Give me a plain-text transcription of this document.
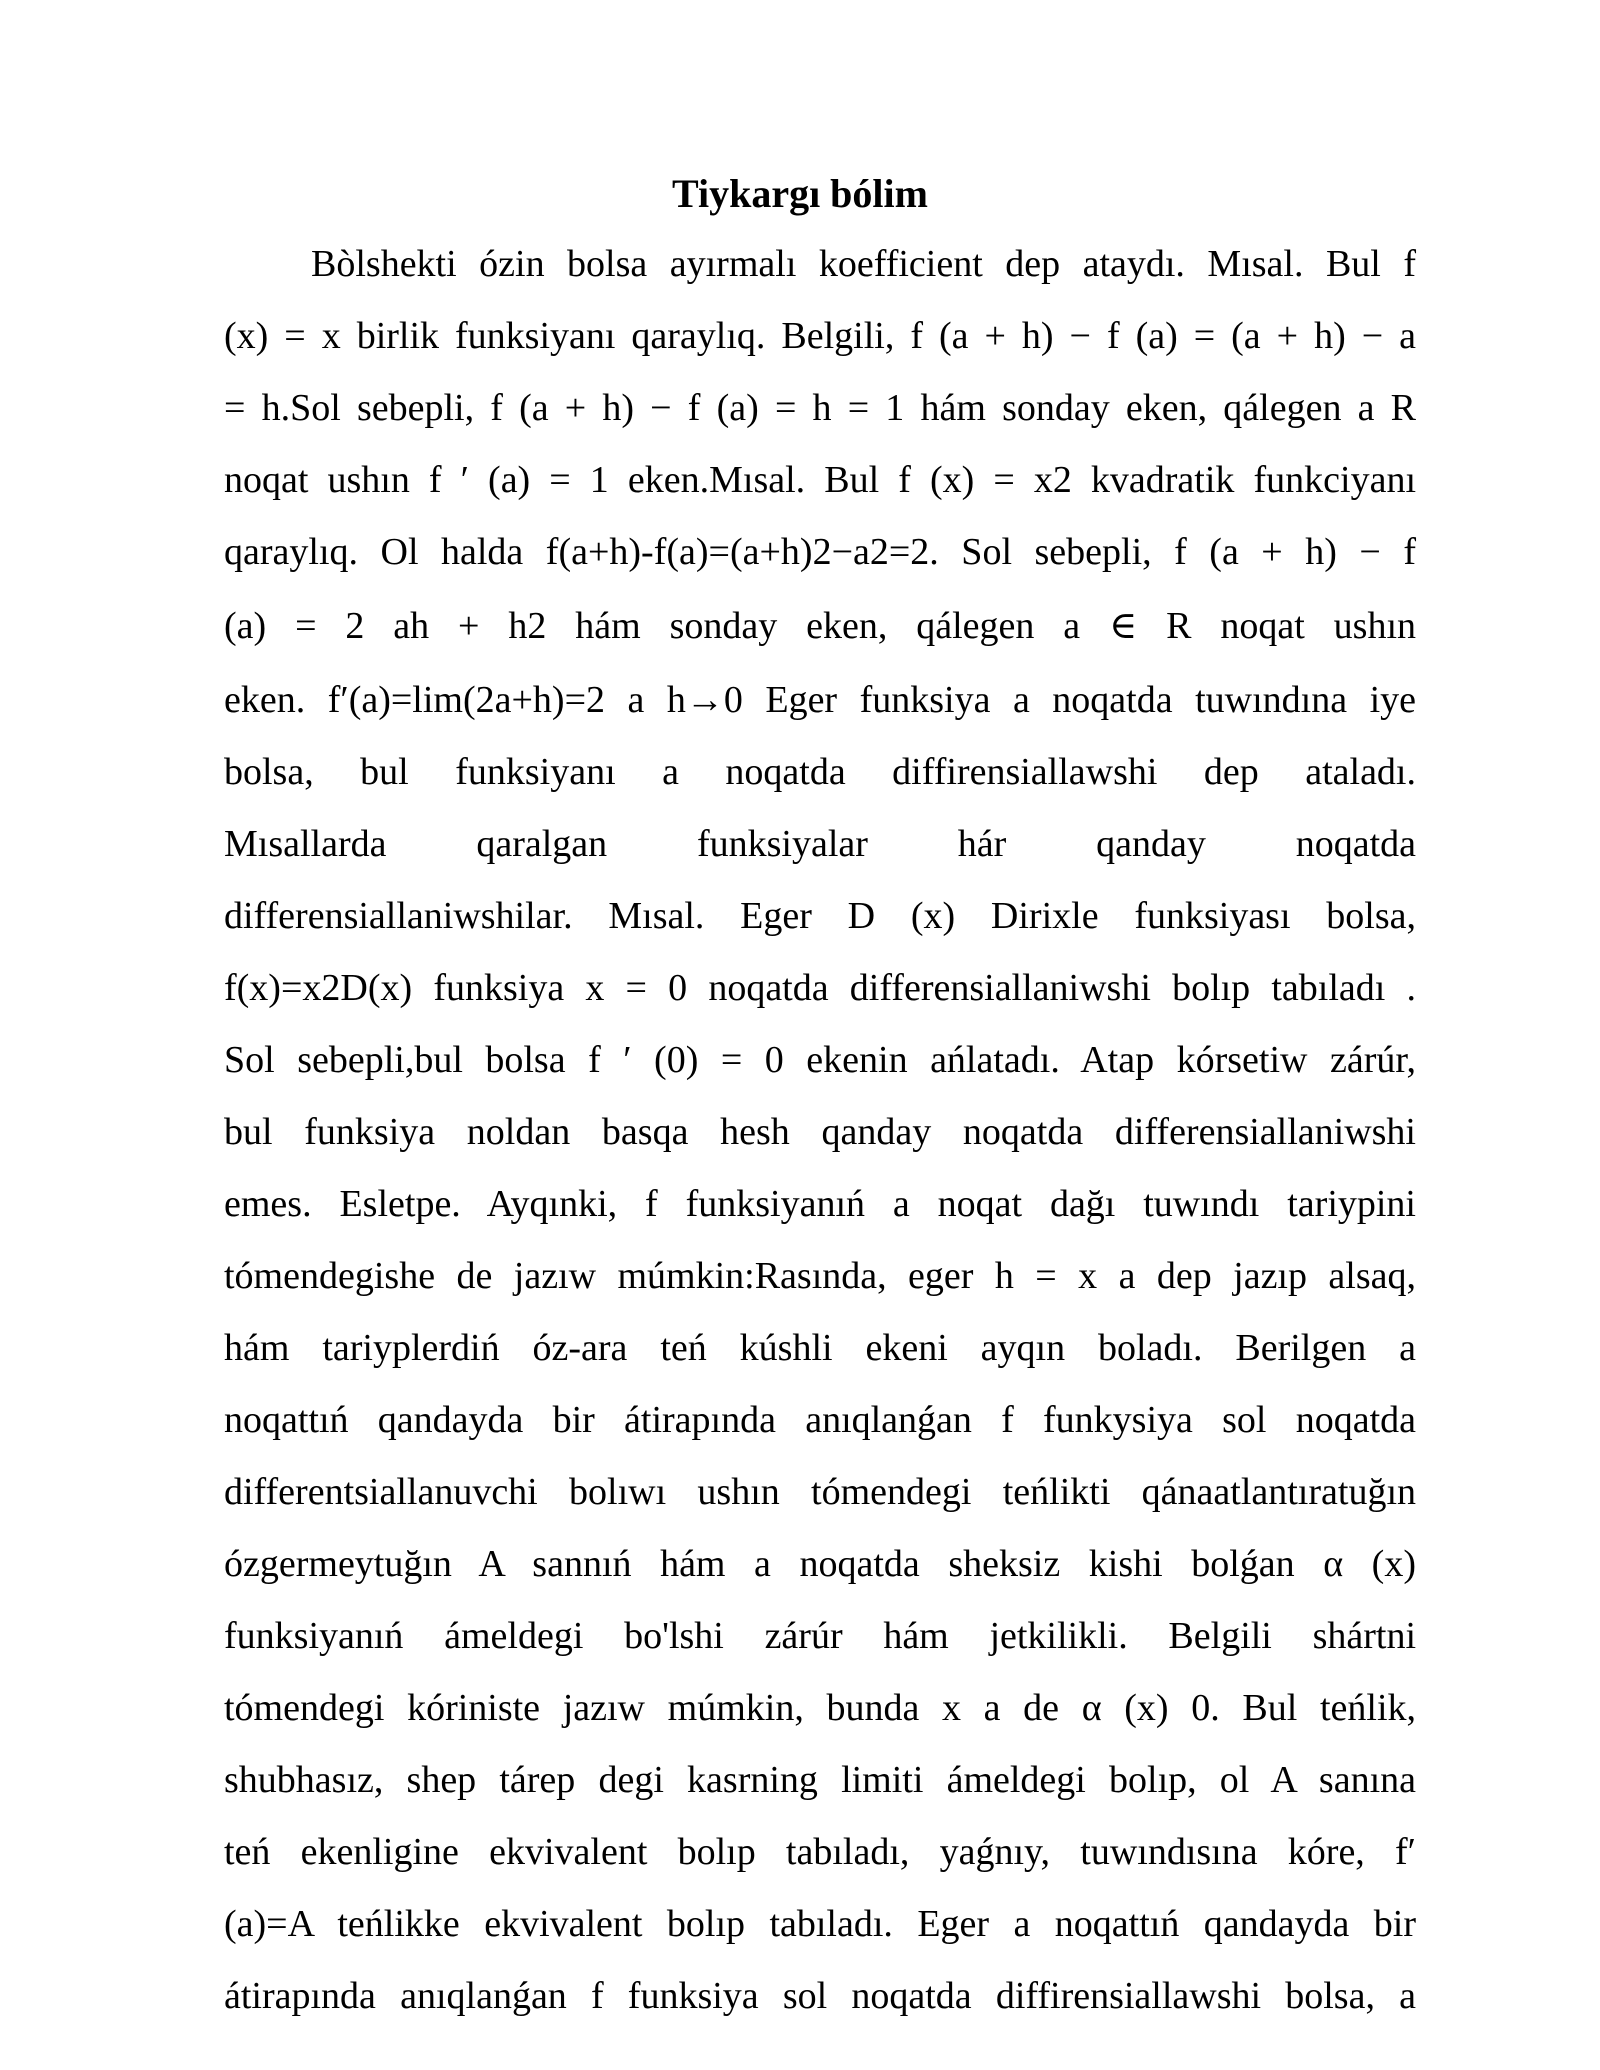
Tiykargı bólim
Bòlshekti ózin bolsa ayırmalı koefficient dep ataydı. Mısal. Bul f
(x) = x birlik funksiyanı qaraylıq. Belgili, f (a + h) − f (a) = (a + h) − a
= h.Sol sebepli, f (a + h) − f (a) = h = 1 hám sonday eken, qálegen a R
noqat ushın f ′ (a) = 1 eken.Mısal. Bul f (x) = x2 kvadratik funkciyanı
qaraylıq. Ol halda f(a+h)-f(a)=(a+h)2−a2=2. Sol sebepli, f (a + h) − f
(a) = 2 ah + h2 hám sonday eken, qálegen a ∈ R noqat ushın
eken. f′(a)=lim(2a+h)=2 a h→0 Eger funksiya a noqatda tuwındına iye
bolsa, bul funksiyanı a noqatda diffirensiallawshi dep ataladı.
Mısallarda qaralgan funksiyalar hár qanday noqatda
differensiallaniwshilar. Mısal. Eger D (x) Dirixle funksiyası bolsa,
f(x)=x2D(x) funksiya x = 0 noqatda differensiallaniwshi bolıp tabıladı .
Sol sebepli,bul bolsa f ′ (0) = 0 ekenin ańlatadı. Atap kórsetiw zárúr,
bul funksiya noldan basqa hesh qanday noqatda differensiallaniwshi
emes. Esletpe. Ayqınki, f funksiyanıń a noqat dağı tuwındı tariypini
tómendegishe de jazıw múmkin:Rasında, eger h = x a dep jazıp alsaq,
hám tariyplerdiń óz-ara teń kúshli ekeni ayqın boladı. Berilgen a
noqattıń qandayda bir átirapında anıqlanǵan f funkysiya sol noqatda
differentsiallanuvchi bolıwı ushın tómendegi teńlikti qánaatlantıratuğın
ózgermeytuğın A sannıń hám a noqatda sheksiz kishi bolǵan α (x)
funksiyanıń ámeldegi bo'lshi zárúr hám jetkilikli. Belgili shártni
tómendegi kóriniste jazıw múmkin, bunda x a de α (x) 0. Bul teńlik,
shubhasız, shep tárep degi kasrning limiti ámeldegi bolıp, ol A sanına
teń ekenligine ekvivalent bolıp tabıladı, yaǵnıy, tuwındısına kóre, f′
(a)=A teńlikke ekvivalent bolıp tabıladı. Eger a noqattıń qandayda bir
átirapında anıqlanǵan f funksiya sol noqatda diffirensiallawshi bolsa, a
